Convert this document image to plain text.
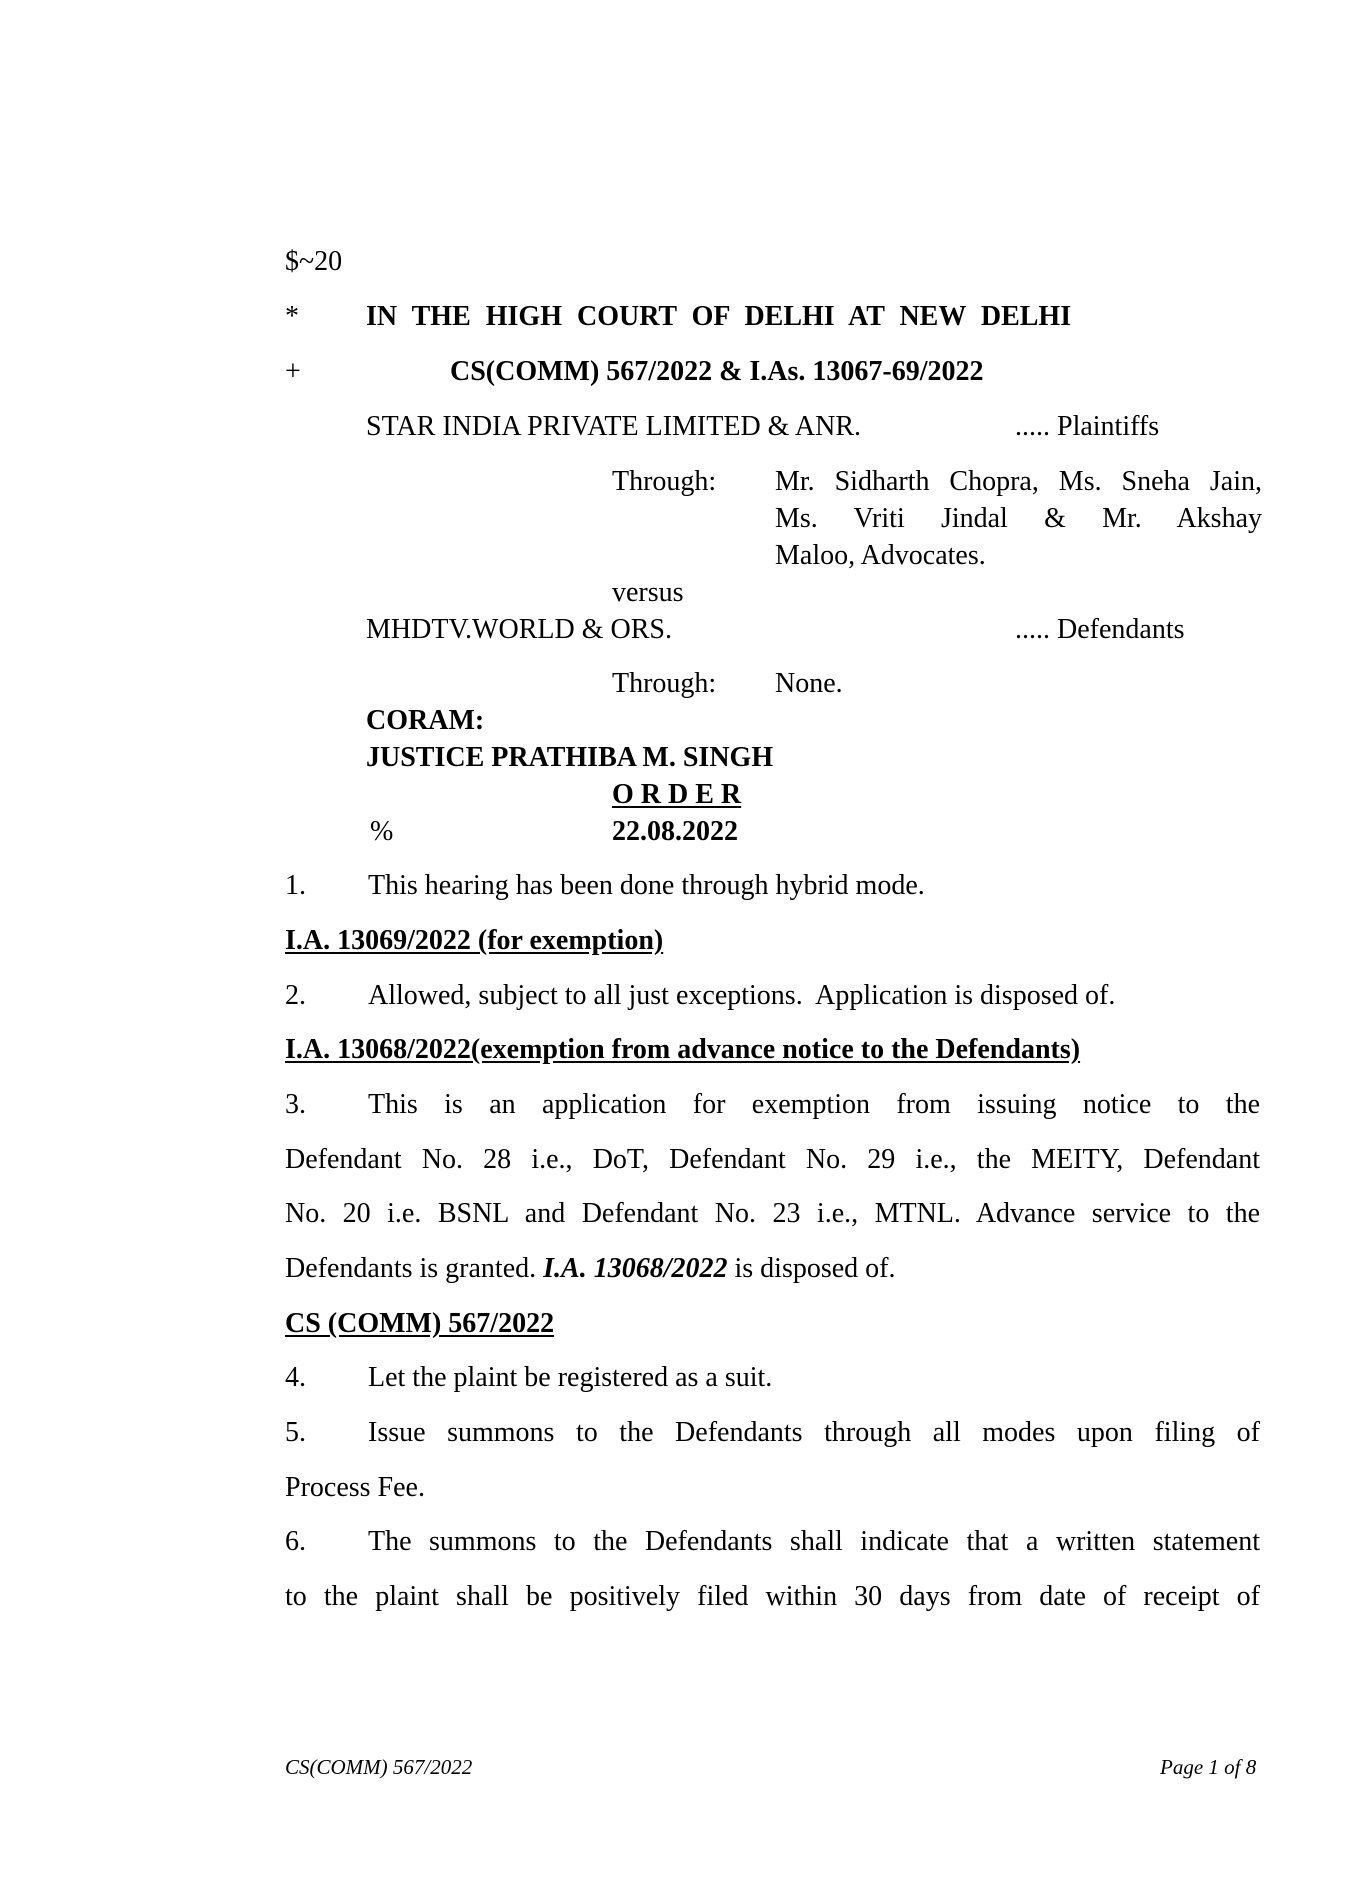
$~20
* IN THE HIGH COURT OF DELHI AT NEW DELHI
+	CS(COMM) 567/2022 & I.As. 13067-69/2022
STAR INDIA PRIVATE LIMITED & ANR.	..... Plaintiffs
Through: Mr. Sidharth Chopra, Ms. Sneha Jain,
Ms. Vriti Jindal & Mr. Akshay
Maloo, Advocates.
versus
MHDTV.WORLD & ORS.	..... Defendants
Through: None.
CORAM:
JUSTICE PRATHIBA M. SINGH
O R D E R
%	22.08.2022
1. This hearing has been done through hybrid mode.
I.A. 13069/2022 (for exemption)
2. Allowed, subject to all just exceptions.  Application is disposed of.
I.A. 13068/2022(exemption from advance notice to the Defendants)
3.	This is an application for exemption from issuing notice to the
Defendant No. 28 i.e., DoT, Defendant No. 29 i.e., the MEITY, Defendant
No. 20 i.e. BSNL and Defendant No. 23 i.e., MTNL. Advance service to the
Defendants is granted. I.A. 13068/2022 is disposed of.
CS (COMM) 567/2022
4. Let the plaint be registered as a suit.
5.	Issue summons to the Defendants through all modes upon filing of
Process Fee.
6.	The summons to the Defendants shall indicate that a written statement
to the plaint shall be positively filed within 30 days from date of receipt of
CS(COMM) 567/2022	Page 1 of 8
